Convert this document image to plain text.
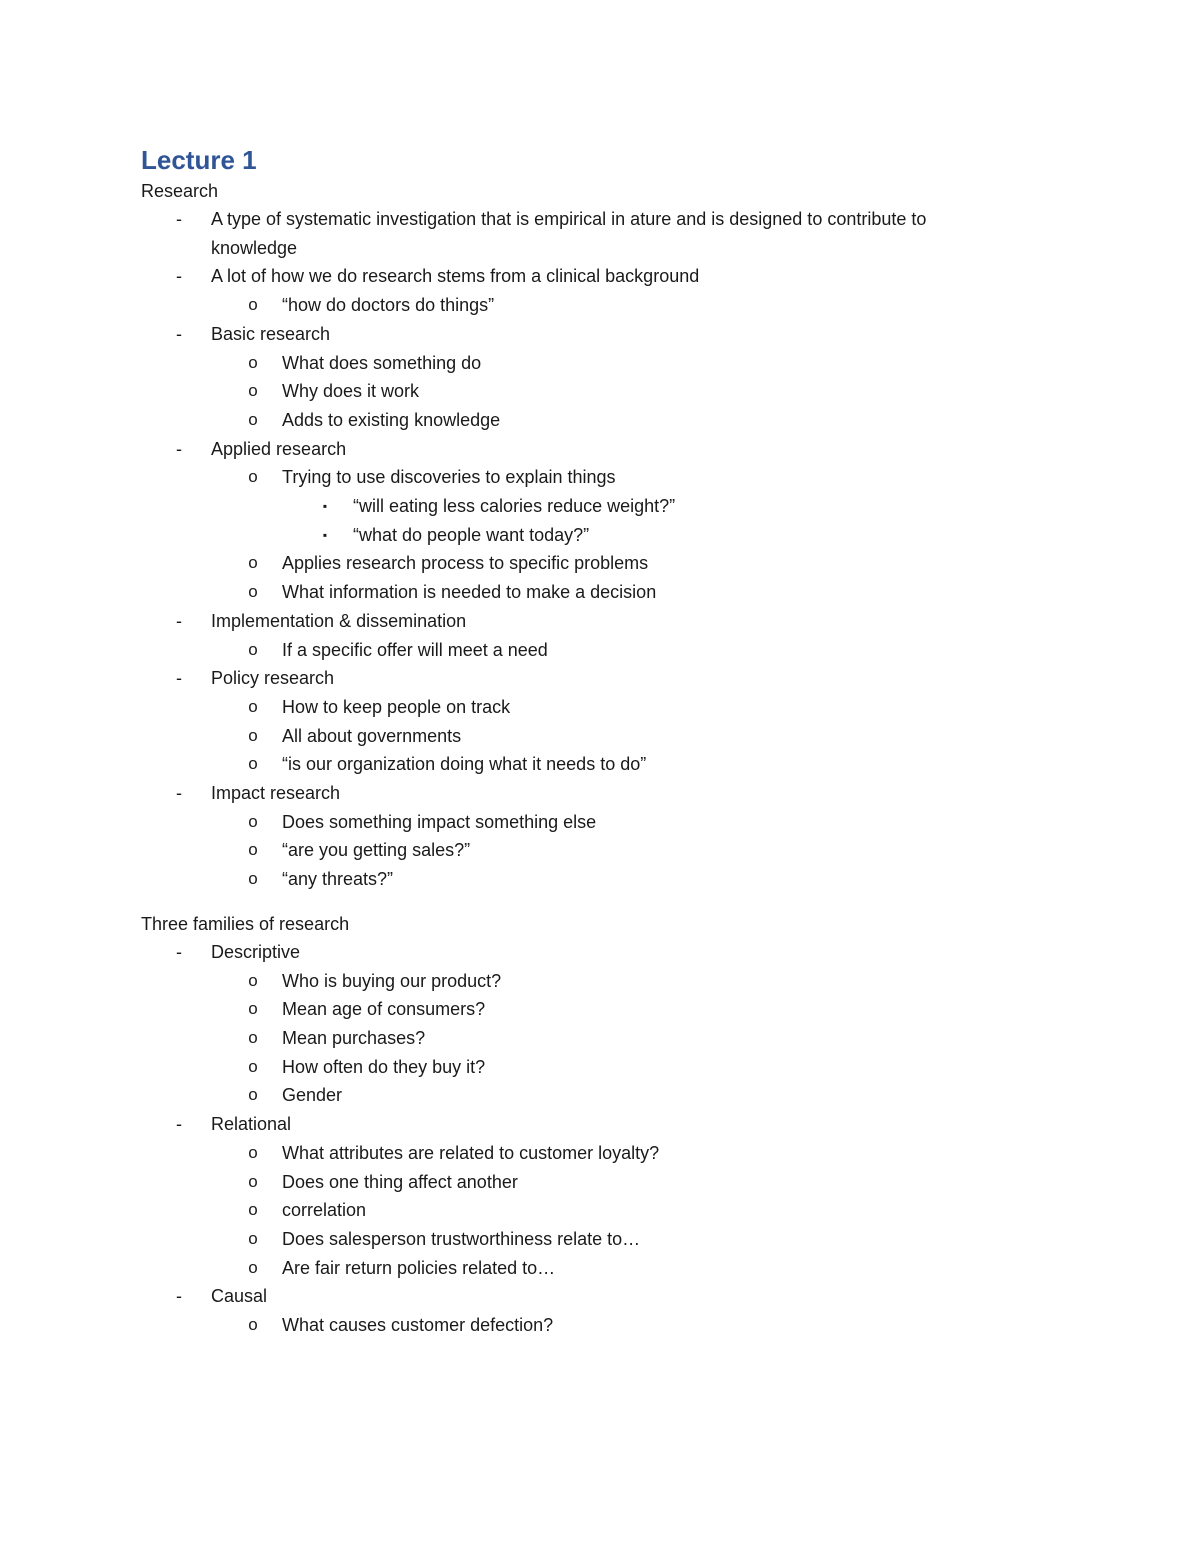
Lecture 1

Research

- A type of systematic investigation that is empirical in ature and is designed to contribute to
knowledge
- A lot of how we do research stems from a clinical background
o “how do doctors do things”
- Basic research
o What does something do
o Why does it work
o Adds to existing knowledge
- Applied research
o Trying to use discoveries to explain things
▪	“will eating less calories reduce weight?”
▪	“what do people want today?”
o Applies research process to specific problems
o What information is needed to make a decision
- Implementation & dissemination
o If a specific offer will meet a need
- Policy research
o How to keep people on track
o All about governments
o “is our organization doing what it needs to do”
- Impact research
o Does something impact something else
o “are you getting sales?”
o “any threats?”

Three families of research

- Descriptive
o Who is buying our product?
o Mean age of consumers?
o Mean purchases?
o How often do they buy it?
o Gender
- Relational
o What attributes are related to customer loyalty?
o Does one thing affect another
o correlation
o Does salesperson trustworthiness relate to…
o Are fair return policies related to…
- Causal
o What causes customer defection?
